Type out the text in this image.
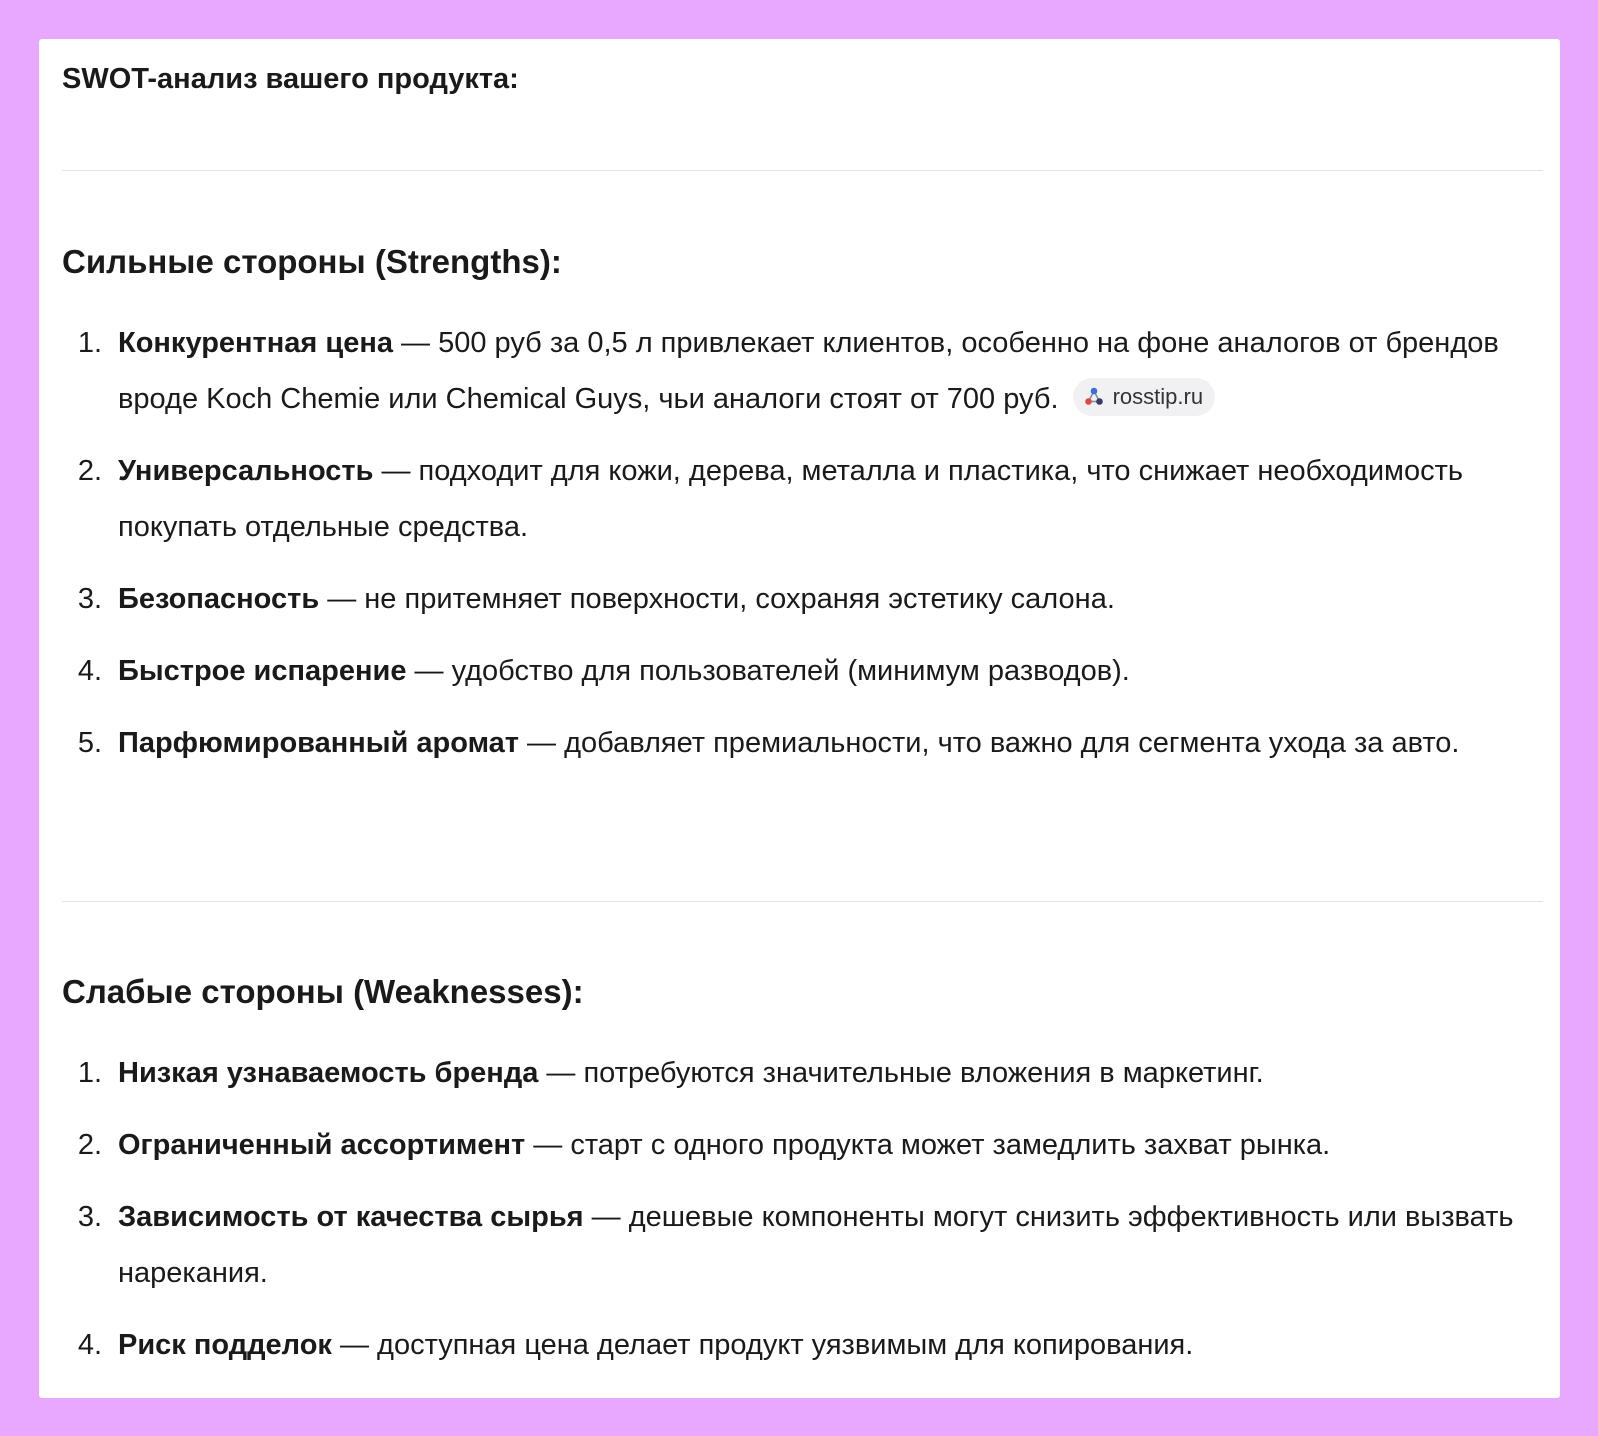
SWOT-анализ вашего продукта:

Сильные стороны (Strengths):
1. Конкурентная цена — 500 руб за 0,5 л привлекает клиентов, особенно на фоне аналогов от брендов вроде Koch Chemie или Chemical Guys, чьи аналоги стоят от 700 руб. rosstip.ru
2. Универсальность — подходит для кожи, дерева, металла и пластика, что снижает необходимость покупать отдельные средства.
3. Безопасность — не притемняет поверхности, сохраняя эстетику салона.
4. Быстрое испарение — удобство для пользователей (минимум разводов).
5. Парфюмированный аромат — добавляет премиальности, что важно для сегмента ухода за авто.
Слабые стороны (Weaknesses):
1. Низкая узнаваемость бренда — потребуются значительные вложения в маркетинг.
2. Ограниченный ассортимент — старт с одного продукта может замедлить захват рынка.
3. Зависимость от качества сырья — дешевые компоненты могут снизить эффективность или вызвать нарекания.
4. Риск подделок — доступная цена делает продукт уязвимым для копирования.
